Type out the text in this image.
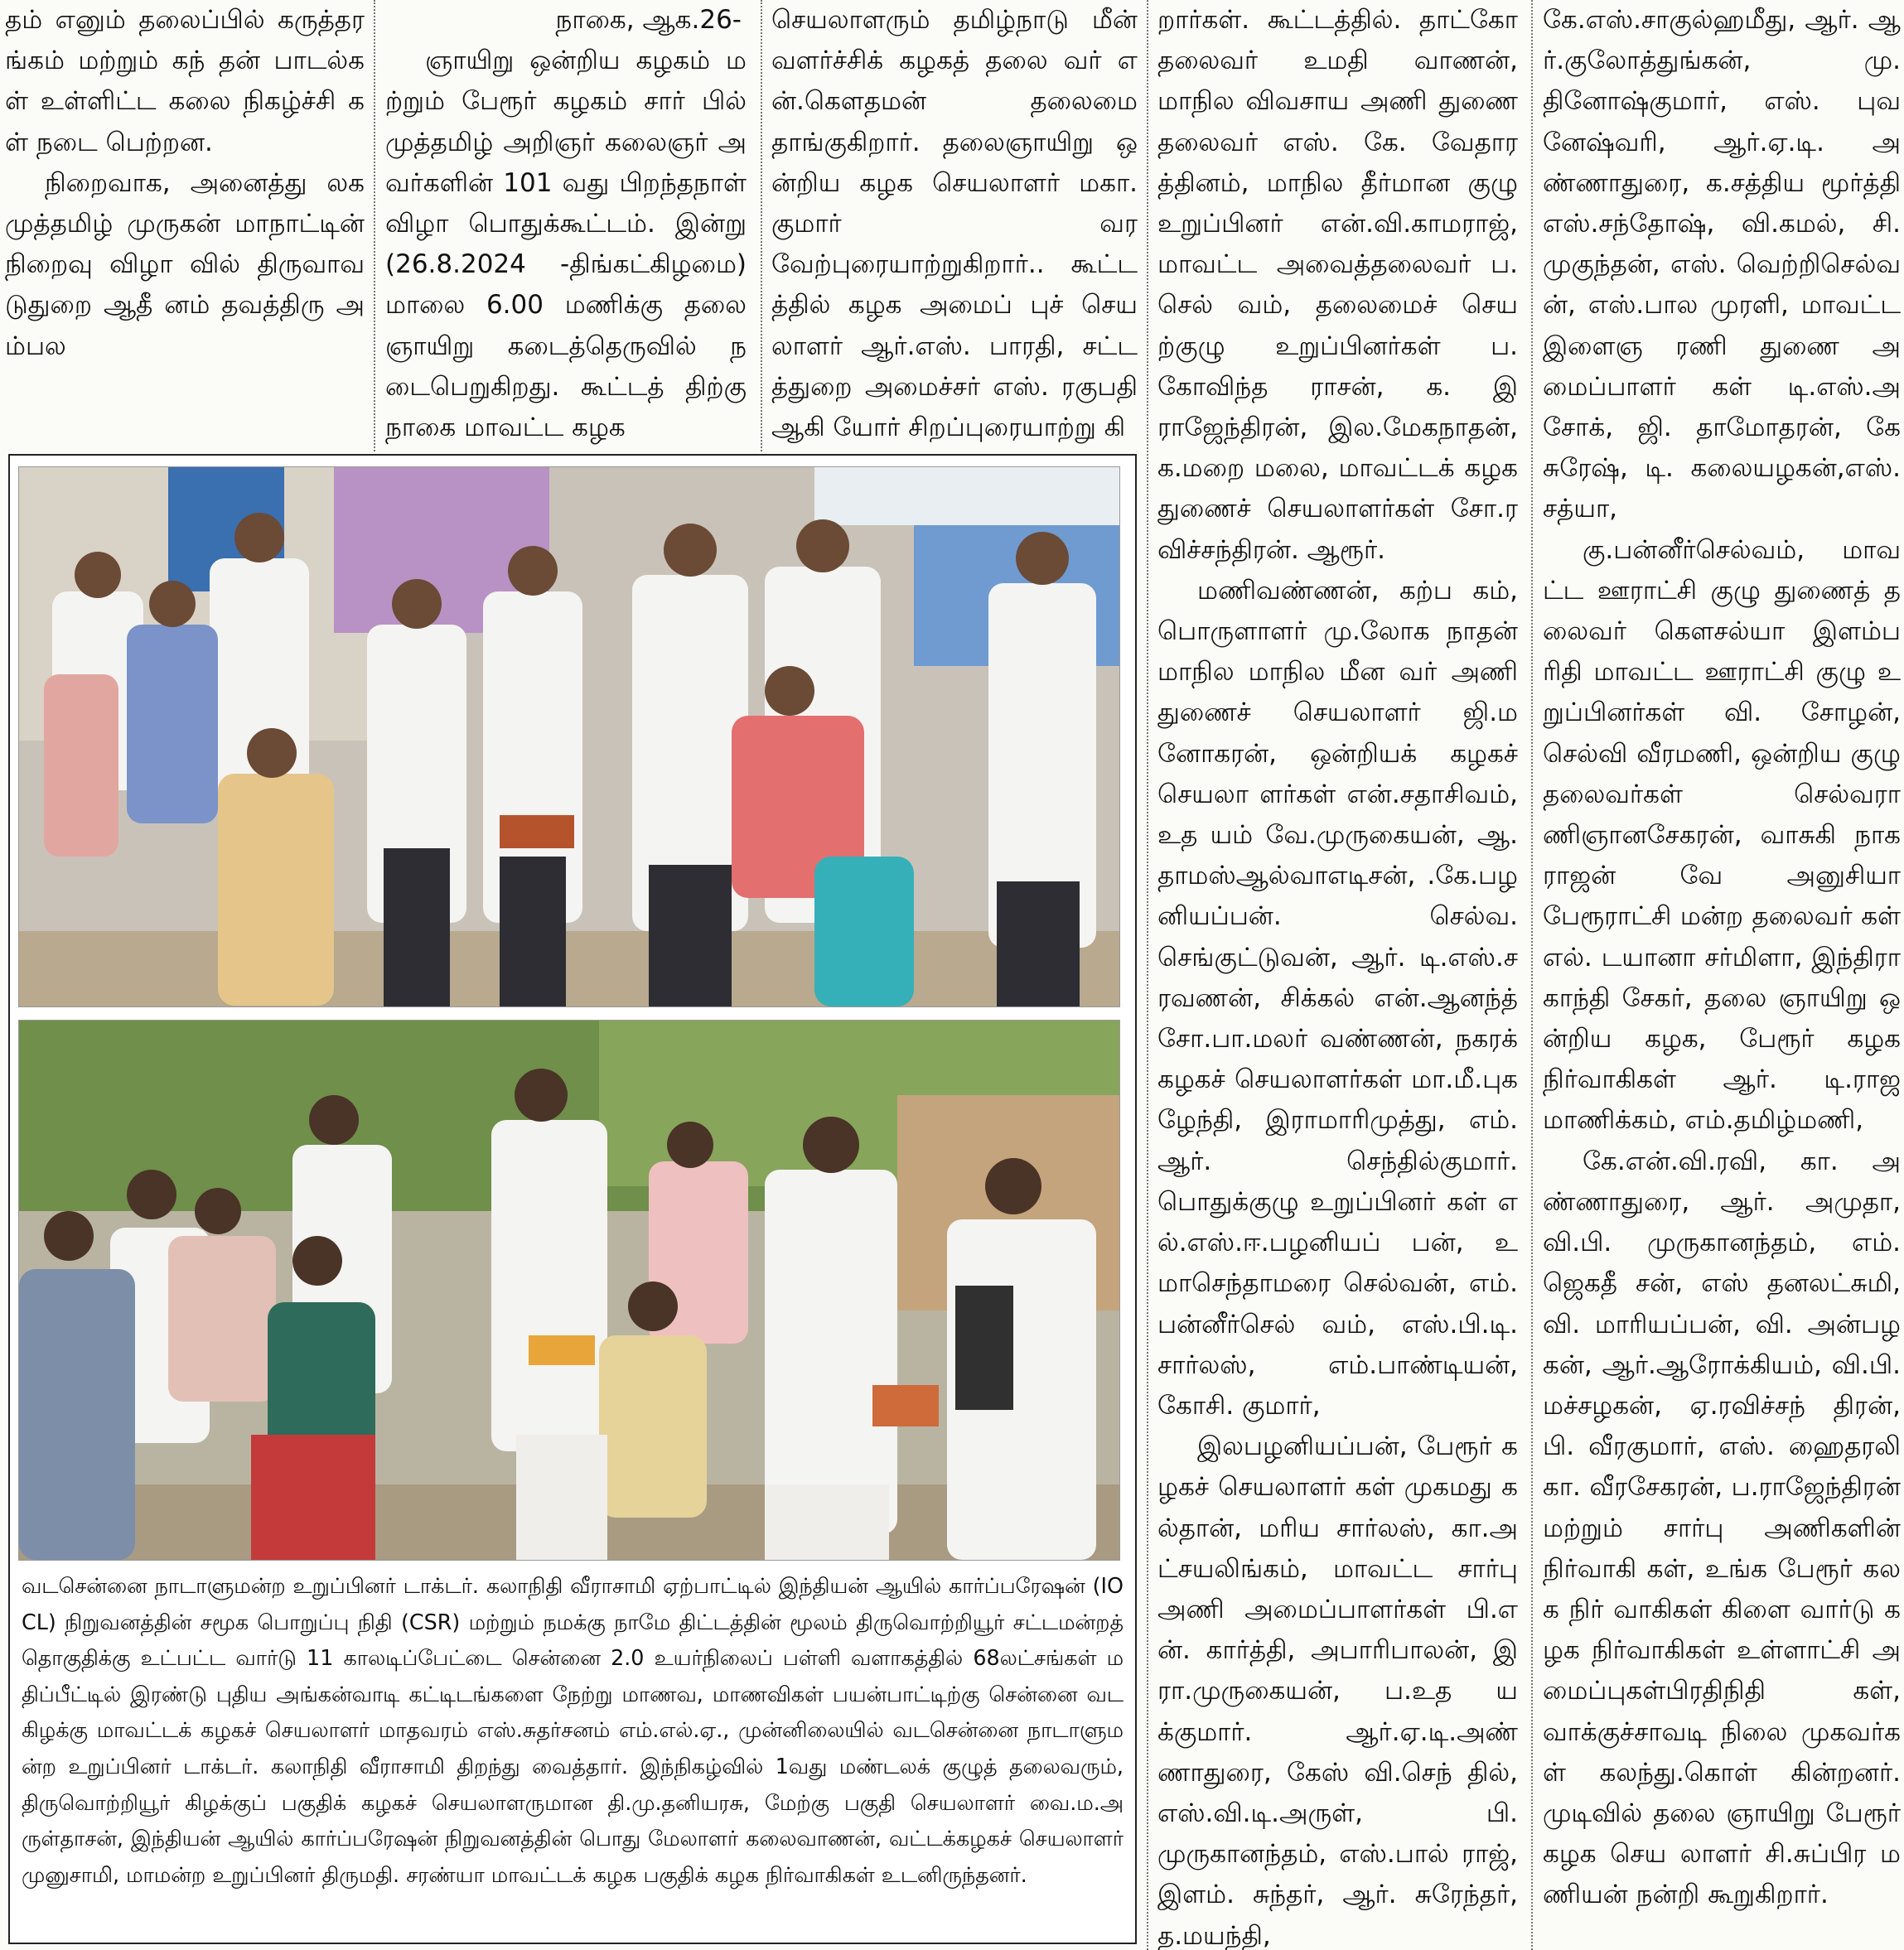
தம் எனும் தலைப்பில் கருத்தரங்கம் மற்றும் கந் தன் பாடல்கள் உள்ளிட்ட கலை நிகழ்ச்சி கள் நடை பெற்றன.

நிறைவாக, அனைத்து லக முத்தமிழ் முருகன் மாநாட்டின் நிறைவு விழா வில் திருவாவடுதுறை ஆதீ னம் தவத்திரு அம்பல

நாகை, ஆக.26-

ஞாயிறு ஒன்றிய கழகம் மற்றும் பேரூர் கழகம் சார் பில் முத்தமிழ் அறிஞர் கலைஞர் அவர்களின் 101 வது பிறந்தநாள் விழா பொதுக்கூட்டம். இன்று (26.8.2024 -திங்கட்கிழமை) மாலை 6.00 மணிக்கு தலை ஞாயிறு கடைத்தெருவில் நடைபெறுகிறது. கூட்டத் திற்கு நாகை மாவட்ட கழக

செயலாளரும் தமிழ்நாடு மீன் வளர்ச்சிக் கழகத் தலை வர் என்.கௌதமன் தலைமை தாங்குகிறார். தலைஞாயிறு ஒன்றிய கழக செயலாளர் மகா.குமார் வரவேற்புரையாற்றுகிறார்.. கூட்டத்தில் கழக அமைப் புச் செயலாளர் ஆர்.எஸ். பாரதி, சட்டத்துறை அமைச்சர் எஸ். ரகுபதி ஆகி யோர் சிறப்புரையாற்று கி

றார்கள். கூட்டத்தில். தாட்கோ தலைவர் உமதி வாணன், மாநில விவசாய அணி துணை தலைவர் எஸ். கே. வேதாரத்தினம், மாநில தீர்மான குழு உறுப்பினர் என்.வி.காமராஜ், மாவட்ட அவைத்தலைவர் ப.செல் வம், தலைமைச் செயற்குழு உறுப்பினர்கள் ப.கோவிந்த ராசன், க. இராஜேந்திரன், இல.மேகநாதன், க.மறை மலை, மாவட்டக் கழக துணைச் செயலாளர்கள் சோ.ரவிச்சந்திரன். ஆரூர்.

மணிவண்ணன், கற்ப கம், பொருளாளர் மு.லோக நாதன் மாநில மாநில மீன வர் அணி துணைச் செயலாளர் ஜி.மனோகரன், ஒன்றியக் கழகச் செயலா ளர்கள் என்.சதாசிவம், உத யம் வே.முருகையன், ஆ. தாமஸ்ஆல்வாஎடிசன், .கே.பழனியப்பன். செல்வ. செங்குட்டுவன், ஆர். டி.எஸ்.சரவணன், சிக்கல் என்.ஆனந்த் சோ.பா.மலர் வண்ணன், நகரக் கழகச் செயலாளர்கள் மா.மீ.புக ழேந்தி, இராமாரிமுத்து, எம்.ஆர். செந்தில்குமார். பொதுக்குழு உறுப்பினர் கள் எல்.எஸ்.ஈ.பழனியப் பன், உமாசெந்தாமரை செல்வன், எம்.பன்னீர்செல் வம், எஸ்.பி.டி.சார்லஸ், எம்.பாண்டியன், கோசி. குமார்,

இலபழனியப்பன், பேரூர் கழகச் செயலாளர் கள் முகமது கல்தான், மரிய சார்லஸ், கா.அட்சயலிங்கம், மாவட்ட சார்பு அணி அமைப்பாளர்கள் பி.என். கார்த்தி, அபாரிபாலன், இரா.முருகையன், ப.உத யக்குமார். ஆர்.ஏ.டி.அண் ணாதுரை, கேஸ் வி.செந் தில், எஸ்.வி.டி.அருள், பி. முருகானந்தம், எஸ்.பால் ராஜ், இளம். சுந்தர், ஆர். சுரேந்தர், த.மயந்தி,

கே.எஸ்.சாகுல்ஹமீது, ஆர். ஆர்.குலோத்துங்கன், மு.தினோஷ்குமார், எஸ். புவனேஷ்வரி, ஆர்.ஏ.டி. அண்ணாதுரை, க.சத்திய மூர்த்தி எஸ்.சந்தோஷ், வி.கமல், சி.முகுந்தன், எஸ். வெற்றிசெல்வன், எஸ்.பால முரளி, மாவட்ட இளைஞ ரணி துணை அமைப்பாளர் கள் டி.எஸ்.அசோக், ஜி. தாமோதரன், கே சுரேஷ், டி. கலையழகன்,எஸ். சத்யா,

கு.பன்னீர்செல்வம், மாவட்ட ஊராட்சி குழு துணைத் தலைவர் கௌசல்யா இளம்பரிதி மாவட்ட ஊராட்சி குழு உறுப்பினர்கள் வி. சோழன், செல்வி வீரமணி, ஒன்றிய குழு தலைவர்கள் செல்வரா ணிஞானசேகரன், வாசுகி நாகராஜன் வே அனுசியா பேரூராட்சி மன்ற தலைவர் கள் எல். டயானா சர்மிளா, இந்திரா காந்தி சேகர், தலை ஞாயிறு ஒன்றிய கழக, பேரூர் கழக நிர்வாகிகள் ஆர். டி.ராஜமாணிக்கம், எம்.தமிழ்மணி,

கே.என்.வி.ரவி, கா. அண்ணாதுரை, ஆர். அமுதா, வி.பி. முருகானந்தம், எம்.ஜெகதீ சன், எஸ் தனலட்சுமி, வி. மாரியப்பன், வி. அன்பழ கன், ஆர்.ஆரோக்கியம், வி.பி. மச்சழகன், ஏ.ரவிச்சந் திரன், பி. வீரகுமார், எஸ். ஹைதரலி கா. வீரசேகரன், ப.ராஜேந்திரன் மற்றும் சார்பு அணிகளின் நிர்வாகி கள், உங்க பேரூர் கலக நிர் வாகிகள் கிளை வார்டு கழக நிர்வாகிகள் உள்ளாட்சி அமைப்புகள்பிரதிநிதி கள்,வாக்குச்சாவடி நிலை முகவர்கள் கலந்து.கொள் கின்றனர். முடிவில் தலை ஞாயிறு பேரூர் கழக செய லாளர் சி.சுப்பிர மணியன் நன்றி கூறுகிறார்.

வடசென்னை நாடாளுமன்ற உறுப்பினர் டாக்டர். கலாநிதி வீராசாமி ஏற்பாட்டில் இந்தியன் ஆயில் கார்ப்பரேஷன் (IOCL) நிறுவனத்தின் சமூக பொறுப்பு நிதி (CSR) மற்றும் நமக்கு நாமே திட்டத்தின் மூலம் திருவொற்றியூர் சட்டமன்றத் தொகுதிக்கு உட்பட்ட வார்டு 11 காலடிப்பேட்டை சென்னை 2.0 உயர்நிலைப் பள்ளி வளாகத்தில் 68லட்சங்கள் மதிப்பீட்டில் இரண்டு புதிய அங்கன்வாடி கட்டிடங்களை நேற்று மாணவ, மாணவிகள் பயன்பாட்டிற்கு சென்னை வடகிழக்கு மாவட்டக் கழகச் செயலாளர் மாதவரம் எஸ்.சுதர்சனம் எம்.எல்.ஏ., முன்னிலையில் வடசென்னை நாடாளுமன்ற உறுப்பினர் டாக்டர். கலாநிதி வீராசாமி திறந்து வைத்தார். இந்நிகழ்வில் 1வது மண்டலக் குழுத் தலைவரும், திருவொற்றியூர் கிழக்குப் பகுதிக் கழகச் செயலாளருமான தி.மு.தனியரசு, மேற்கு பகுதி செயலாளர் வை.ம.அருள்தாசன், இந்தியன் ஆயில் கார்ப்பரேஷன் நிறுவனத்தின் பொது மேலாளர் கலைவாணன், வட்டக்கழகச் செயலாளர் முனுசாமி, மாமன்ற உறுப்பினர் திருமதி. சரண்யா மாவட்டக் கழக பகுதிக் கழக நிர்வாகிகள் உடனிருந்தனர்.
